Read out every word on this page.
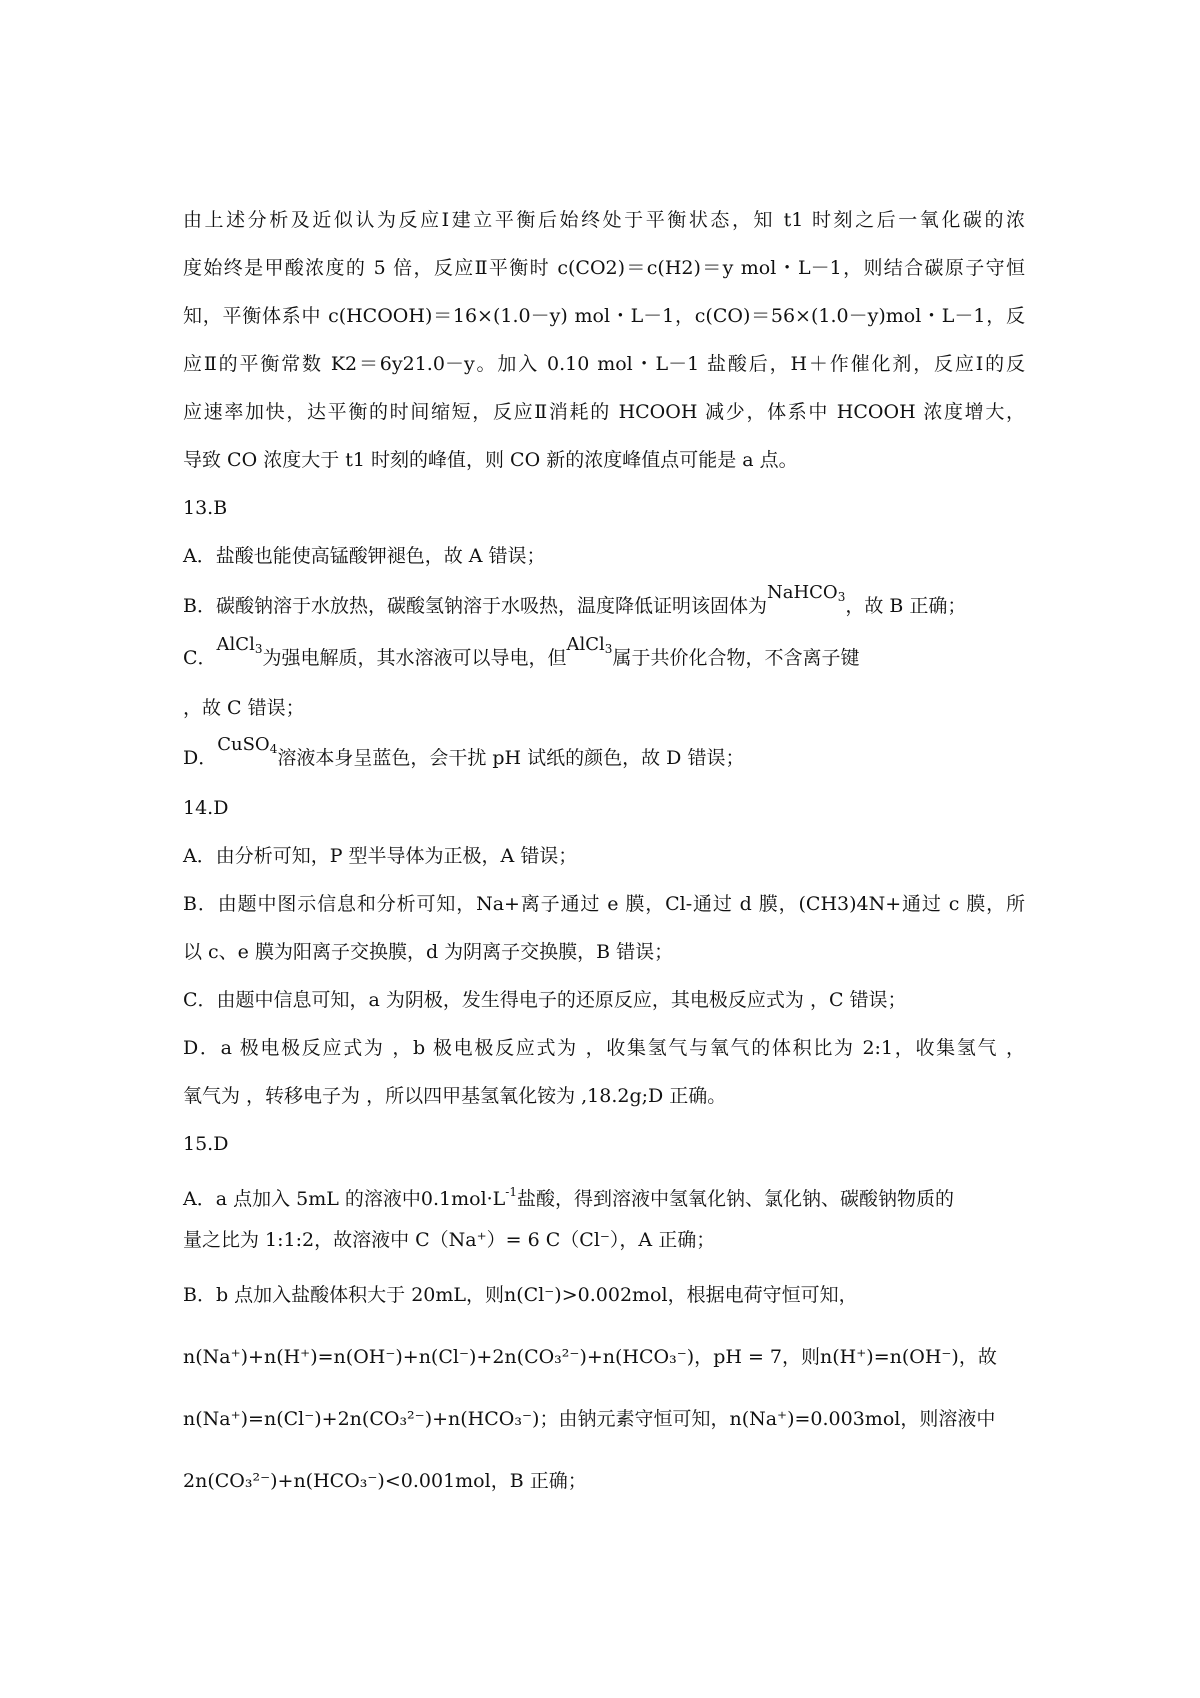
由上述分析及近似认为反应Ⅰ建立平衡后始终处于平衡状态，知 t1 时刻之后一氧化碳的浓

度始终是甲酸浓度的 5 倍，反应Ⅱ平衡时 c(CO2)＝c(H2)＝y mol・L－1，则结合碳原子守恒

知，平衡体系中 c(HCOOH)＝16×(1.0－y) mol・L－1，c(CO)＝56×(1.0－y)mol・L－1，反

应Ⅱ的平衡常数 K2＝6y21.0－y。加入 0.10 mol・L－1 盐酸后，H＋作催化剂，反应Ⅰ的反

应速率加快，达平衡的时间缩短，反应Ⅱ消耗的 HCOOH 减少，体系中 HCOOH 浓度增大，

导致 CO 浓度大于 t1 时刻的峰值，则 CO 新的浓度峰值点可能是 a 点。

13.B

A．盐酸也能使高锰酸钾褪色，故 A 错误；

B．碳酸钠溶于水放热，碳酸氢钠溶于水吸热，温度降低证明该固体为NaHCO$_3$，故 B 正确；

C．AlCl$_3$为强电解质，其水溶液可以导电，但AlCl$_3$属于共价化合物，不含离子键

，故 C 错误；

D．CuSO$_4$溶液本身呈蓝色，会干扰 pH 试纸的颜色，故 D 错误；

14.D

A．由分析可知，P 型半导体为正极，A 错误；

B．由题中图示信息和分析可知，Na+离子通过 e 膜，Cl-通过 d 膜，(CH3)4N+通过 c 膜，所

以 c、e 膜为阳离子交换膜，d 为阴离子交换膜，B 错误；

C．由题中信息可知，a 为阴极，发生得电子的还原反应，其电极反应式为 ，C 错误；

D．a 极电极反应式为 ，b 极电极反应式为 ，收集氢气与氧气的体积比为 2:1，收集氢气 ，

氧气为 ，转移电子为 ，所以四甲基氢氧化铵为 ,18.2g;D 正确。

15.D

A．a 点加入 5mL 的溶液中$0.1mol\cdot L^{-1}$盐酸，得到溶液中氢氧化钠、氯化钠、碳酸钠物质的

量之比为 1:1:2，故溶液中 C（Na⁺）= 6 C（Cl⁻），A 正确；

B．b 点加入盐酸体积大于 20mL，则n(Cl⁻)>0.002mol，根据电荷守恒可知，

n(Na⁺)+n(H⁺)=n(OH⁻)+n(Cl⁻)+2n(CO₃²⁻)+n(HCO₃⁻)，pH = 7，则n(H⁺)=n(OH⁻)，故

n(Na⁺)=n(Cl⁻)+2n(CO₃²⁻)+n(HCO₃⁻)；由钠元素守恒可知，n(Na⁺)=0.003mol，则溶液中

2n(CO₃²⁻)+n(HCO₃⁻)<0.001mol，B 正确；
